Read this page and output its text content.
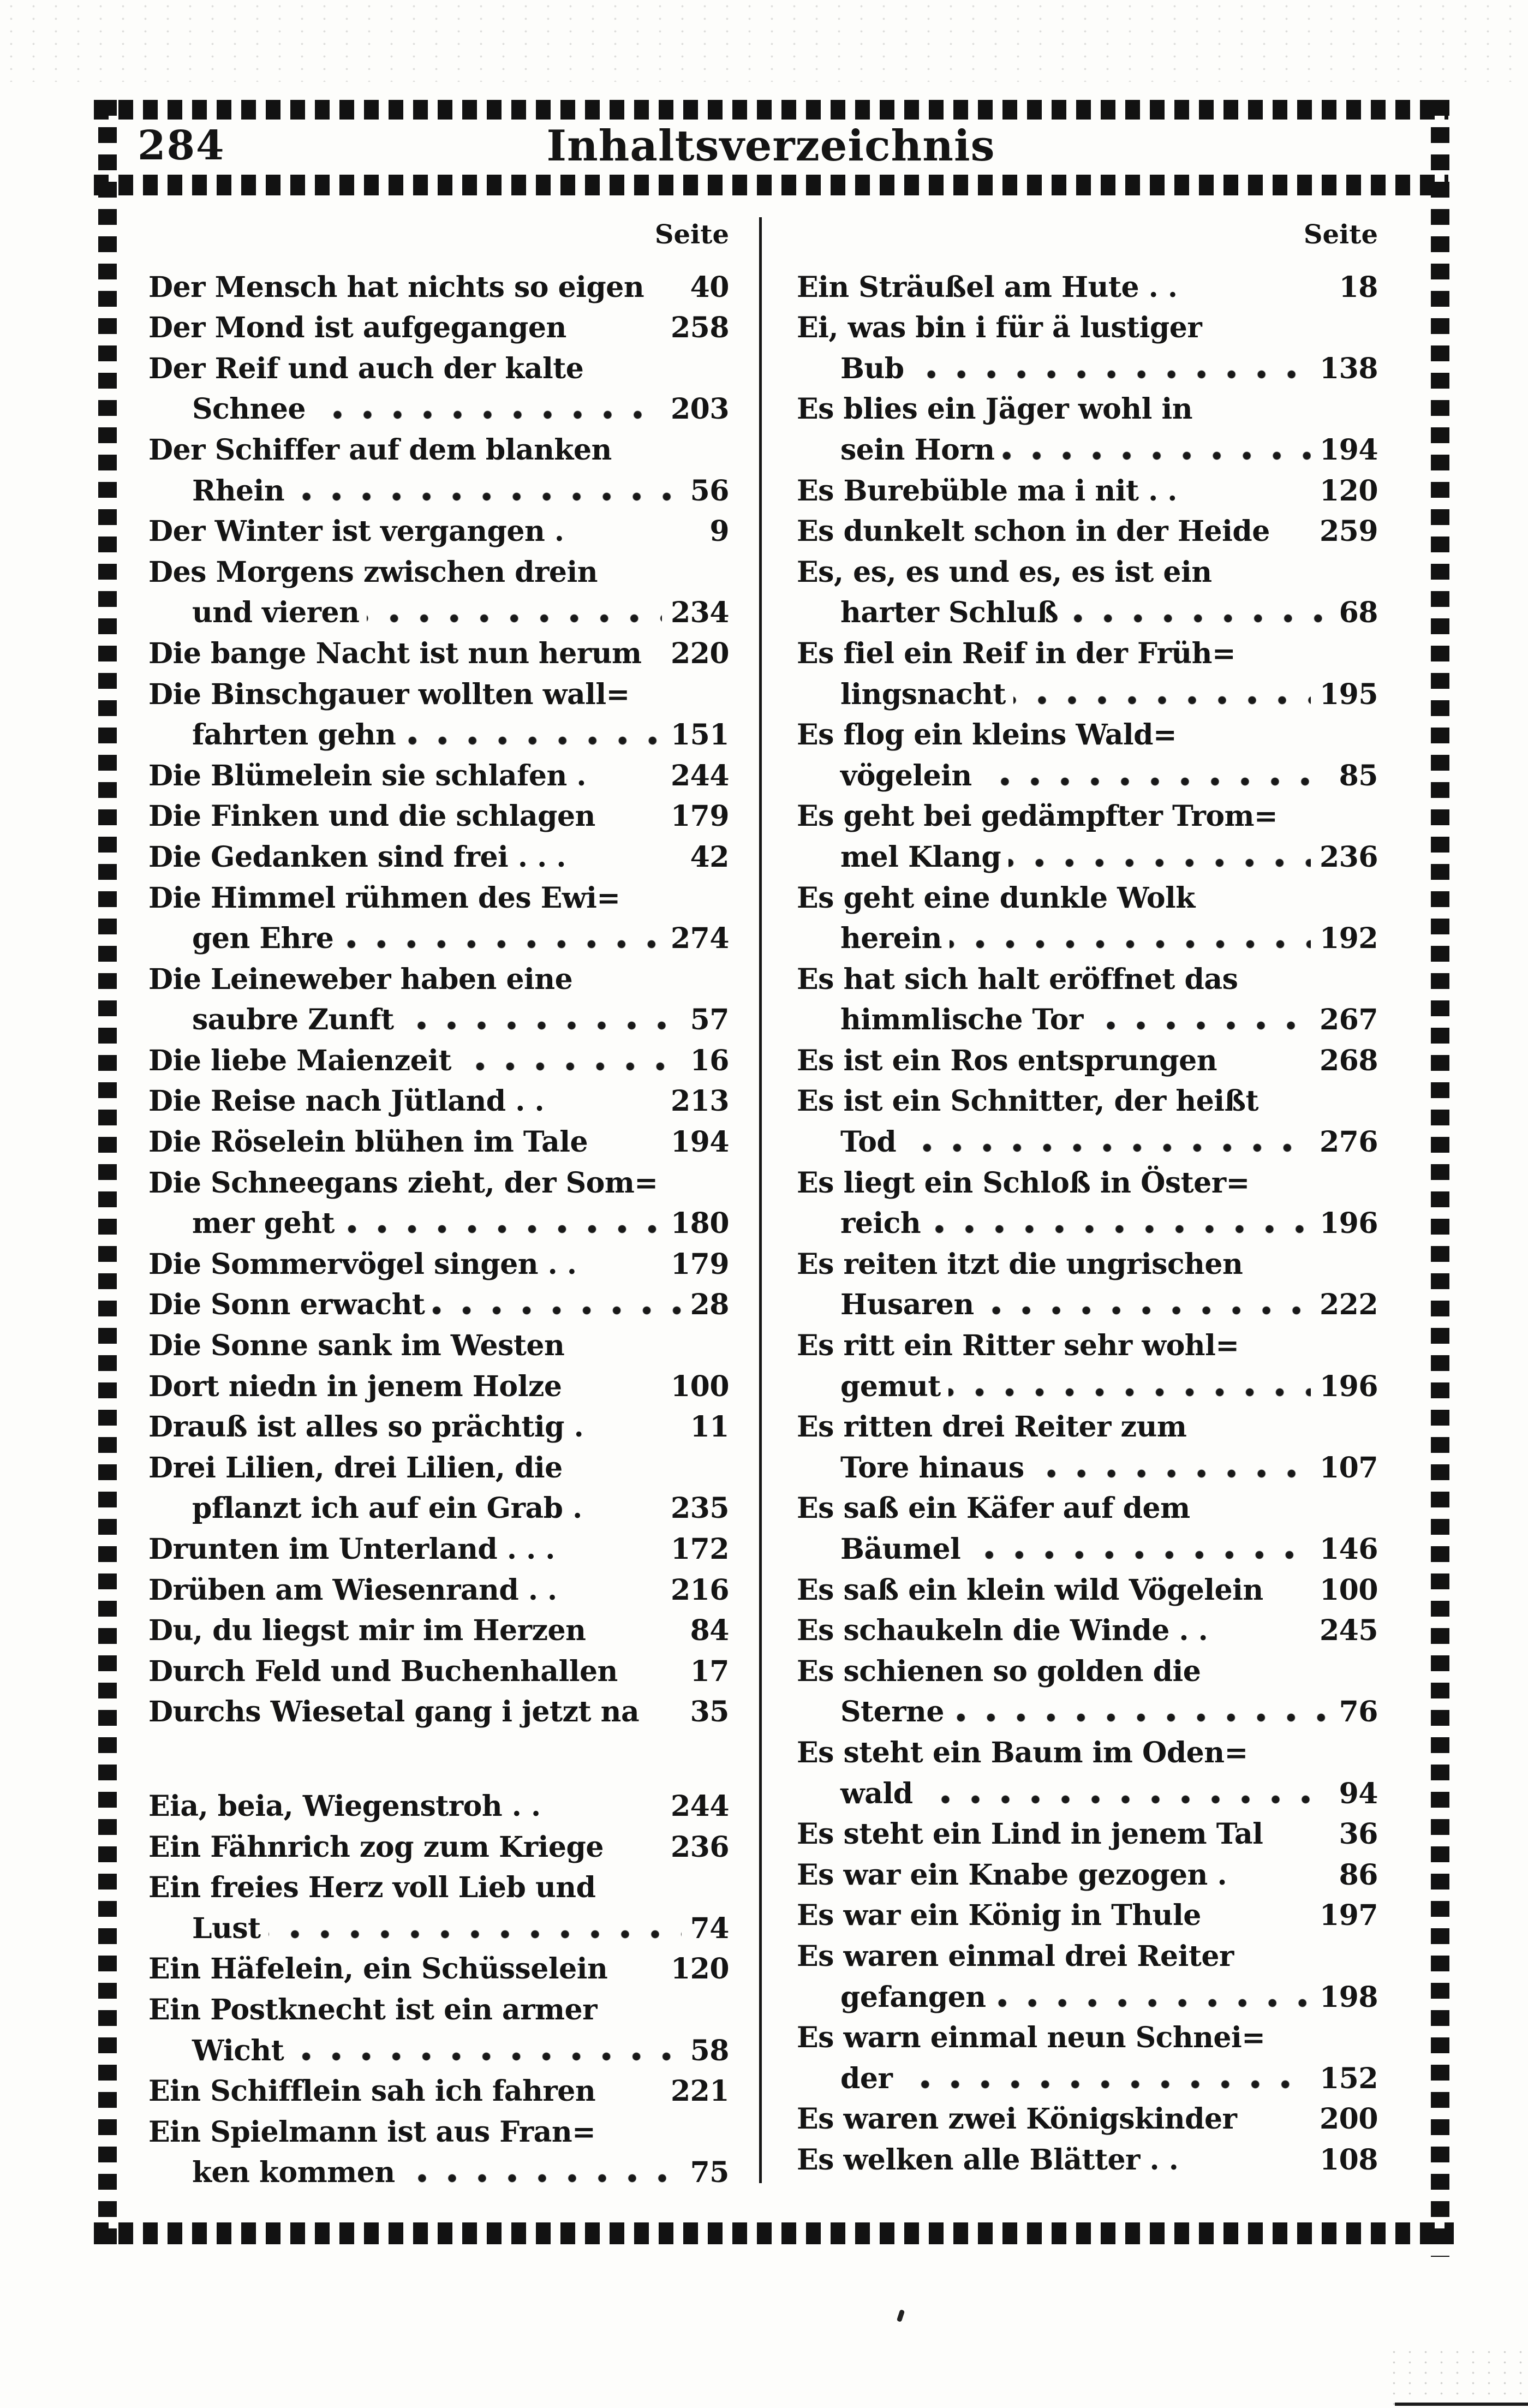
284	Inhaltsverzeichnis
Seite	Seite
Der Mensch hat nichts so eigen 40
Der Mond ist aufgegangen	258
Der Reif und auch der kalte
Schnee	203
Der Schiffer auf dem blanken
Rhein	56
Der Winter ist vergangen .	9
Des Morgens zwischen drein
und vieren	234
Die bange Nacht ist nun herum 220
Die Binschgauer wollten wall=
fahrten gehn	151
Die Blümelein sie schlafen .	244
Die Finken und die schlagen	179
Die Gedanken sind frei . . .	42
Die Himmel rühmen des Ewi=
gen Ehre	274
Die Leineweber haben eine
saubre Zunft	57
Die liebe Maienzeit	16
Die Reise nach Jütland . .	213
Die Röselein blühen im Tale	194
Die Schneegans zieht, der Som=
mer geht	180
Die Sommervögel singen . .	179
Die Sonn erwacht	28
Die Sonne sank im Westen
Dort niedn in jenem Holze	100
Drauß ist alles so prächtig .	11
Drei Lilien, drei Lilien, die
pflanzt ich auf ein Grab .	235
Drunten im Unterland . . .	172
Drüben am Wiesenrand . .	216
Du, du liegst mir im Herzen	84
Durch Feld und Buchenhallen	17
Durchs Wiesetal gang i jetzt na 35
Eia, beia, Wiegenstroh . .	244
Ein Fähnrich zog zum Kriege 236
Ein freies Herz voll Lieb und
Lust	74
Ein Häfelein, ein Schüsselein 120
Ein Postknecht ist ein armer
Wicht	58
Ein Schifflein sah ich fahren	221
Ein Spielmann ist aus Fran=
ken kommen	75
Ein Sträußel am Hute . .	18
Ei, was bin i für ä lustiger
Bub	138
Es blies ein Jäger wohl in
sein Horn	194
Es Burebüble ma i nit . .	120
Es dunkelt schon in der Heide 259
Es, es, es und es, es ist ein
harter Schluß	68
Es fiel ein Reif in der Früh=
lingsnacht	195
Es flog ein kleins Wald=
vögelein	85
Es geht bei gedämpfter Trom=
mel Klang	236
Es geht eine dunkle Wolk
herein	192
Es hat sich halt eröffnet das
himmlische Tor	267
Es ist ein Ros entsprungen	268
Es ist ein Schnitter, der heißt
Tod	276
Es liegt ein Schloß in Öster=
reich	196
Es reiten itzt die ungrischen
Husaren	222
Es ritt ein Ritter sehr wohl=
gemut	196
Es ritten drei Reiter zum
Tore hinaus	107
Es saß ein Käfer auf dem
Bäumel	146
Es saß ein klein wild Vögelein 100
Es schaukeln die Winde . .	245
Es schienen so golden die
Sterne	76
Es steht ein Baum im Oden=
wald	94
Es steht ein Lind in jenem Tal	36
Es war ein Knabe gezogen .	86
Es war ein König in Thule	197
Es waren einmal drei Reiter
gefangen	198
Es warn einmal neun Schnei=
der	152
Es waren zwei Königskinder	200
Es welken alle Blätter . .	108
